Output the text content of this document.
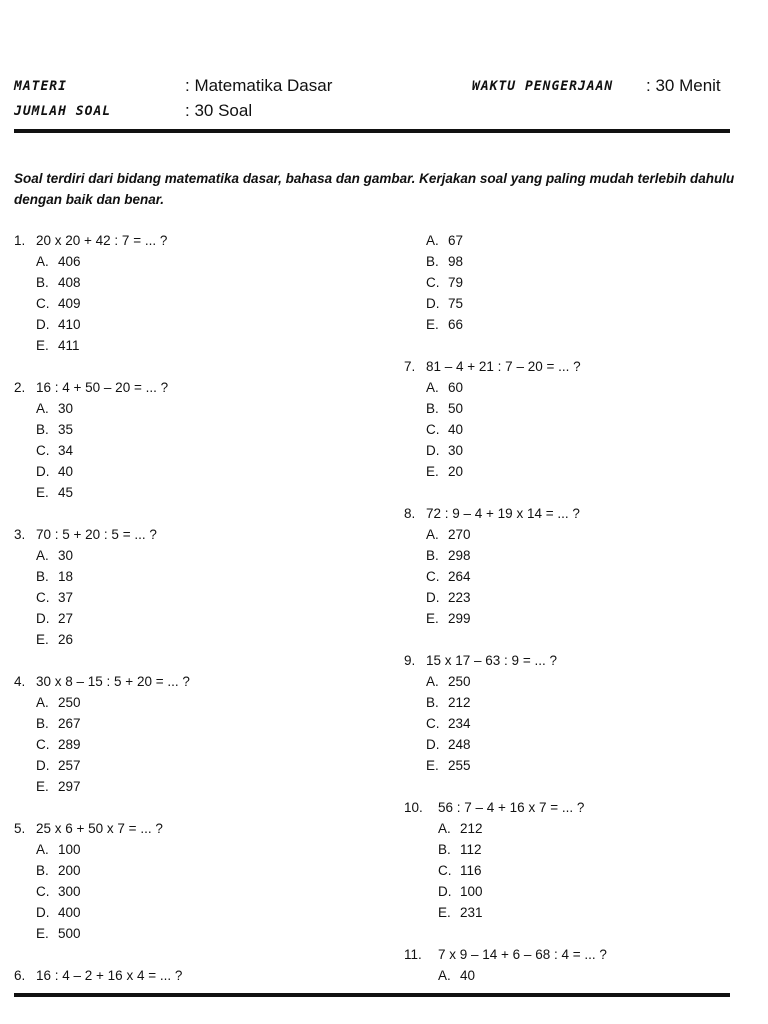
MATERI	: Matematika Dasar
JUMLAH SOAL	: 30 Soal
WAKTU PENGERJAAN : 30 Menit
Soal terdiri dari bidang matematika dasar, bahasa dan gambar. Kerjakan soal yang paling mudah terlebih dahulu dengan baik dan benar.
1. 20 x 20 + 42 : 7 = ... ?
A. 406
B. 408
C. 409
D. 410
E. 411
2. 16 : 4 + 50 – 20 = ... ?
A. 30
B. 35
C. 34
D. 40
E. 45
3. 70 : 5 + 20 : 5 = ... ?
A. 30
B. 18
C. 37
D. 27
E. 26
4. 30 x 8 – 15 : 5 + 20 = ... ?
A. 250
B. 267
C. 289
D. 257
E. 297
5. 25 x 6 + 50 x 7 = ... ?
A. 100
B. 200
C. 300
D. 400
E. 500
6. 16 : 4 – 2 + 16 x 4 = ... ?
A. 67
B. 98
C. 79
D. 75
E. 66
7. 81 – 4 + 21 : 7 – 20 = ... ?
A. 60
B. 50
C. 40
D. 30
E. 20
8. 72 : 9 – 4 + 19 x 14 = ... ?
A. 270
B. 298
C. 264
D. 223
E. 299
9. 15 x 17 – 63 : 9 = ... ?
A. 250
B. 212
C. 234
D. 248
E. 255
10. 56 : 7 – 4 + 16 x 7 = ... ?
A. 212
B. 112
C. 116
D. 100
E. 231
11. 7 x 9 – 14 + 6 – 68 : 4 = ... ?
A. 40
